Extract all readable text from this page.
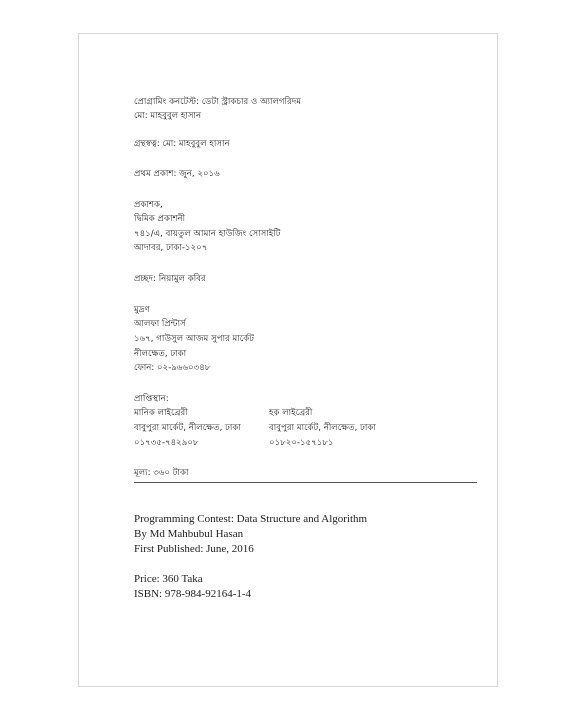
প্রোগ্রামিং কনটেস্ট: ডেটা স্ট্রাকচার ও অ্যালগরিদম
মো: মাহবুবুল হাসান
গ্রন্থস্বত্ব: মো: মাহবুবুল হাসান
প্রথম প্রকাশ: জুন, ২০১৬
প্রকাশক,
দ্বিমিক প্রকাশনী
৭৪১/এ, বায়তুল আমান হাউজিং সোসাইটি
আদাবর, ঢাকা-১২০৭
প্রচ্ছদ: নিয়ামুল কবির
মুদ্রণ
আলফা প্রিন্টার্স
১৬৭, গাউসুল আজম সুপার মার্কেট
নীলক্ষেত, ঢাকা
ফোন: ০২-৯৬৬০৩৪৮
প্রাপ্তিস্থান:
মানিক লাইব্রেরী	হক লাইব্রেরী
বাবুপুরা মার্কেট, নীলক্ষেত, ঢাকা	বাবুপুরা মার্কেট, নীলক্ষেত, ঢাকা
০১৭৩৫-৭৪২৯০৮	০১৮২০-১৫৭১৮১
মূল্য: ৩৬০ টাকা
Programming Contest: Data Structure and Algorithm
By Md Mahbubul Hasan
First Published: June, 2016
Price: 360 Taka
ISBN: 978-984-92164-1-4
